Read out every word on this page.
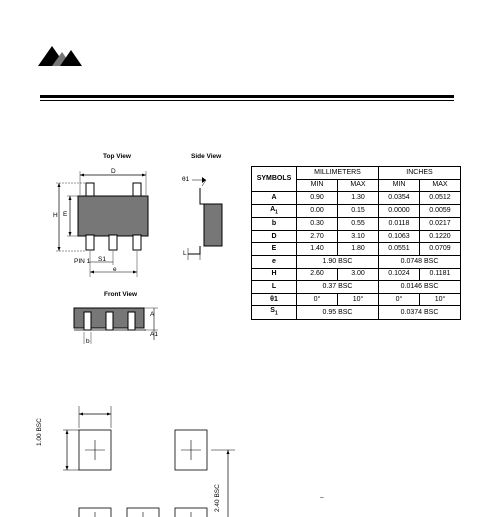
Top View	Side View
Front View
D
H E
PIN 1 S1
e
θ1
L
A
A1
b
SYMBOLS	MILLIMETERS		INCHES	
	MIN	MAX	MIN	MAX
A	0.90	1.30	0.0354	0.0512
$A_1$	0.00	0.15	0.0000	0.0059
b	0.30	0.55	0.0118	0.0217
D	2.70	3.10	0.1063	0.1220
E	1.40	1.80	0.0551	0.0709
e	1.90 BSC		0.0748 BSC	
H	2.60	3.00	0.1024	0.1181
L	0.37 BSC		0.0146 BSC	
θ1	0°	10°	0°	10°
$S_1$	0.95 BSC		0.0374 BSC	
1.00 BSC
2.40 BSC	–
